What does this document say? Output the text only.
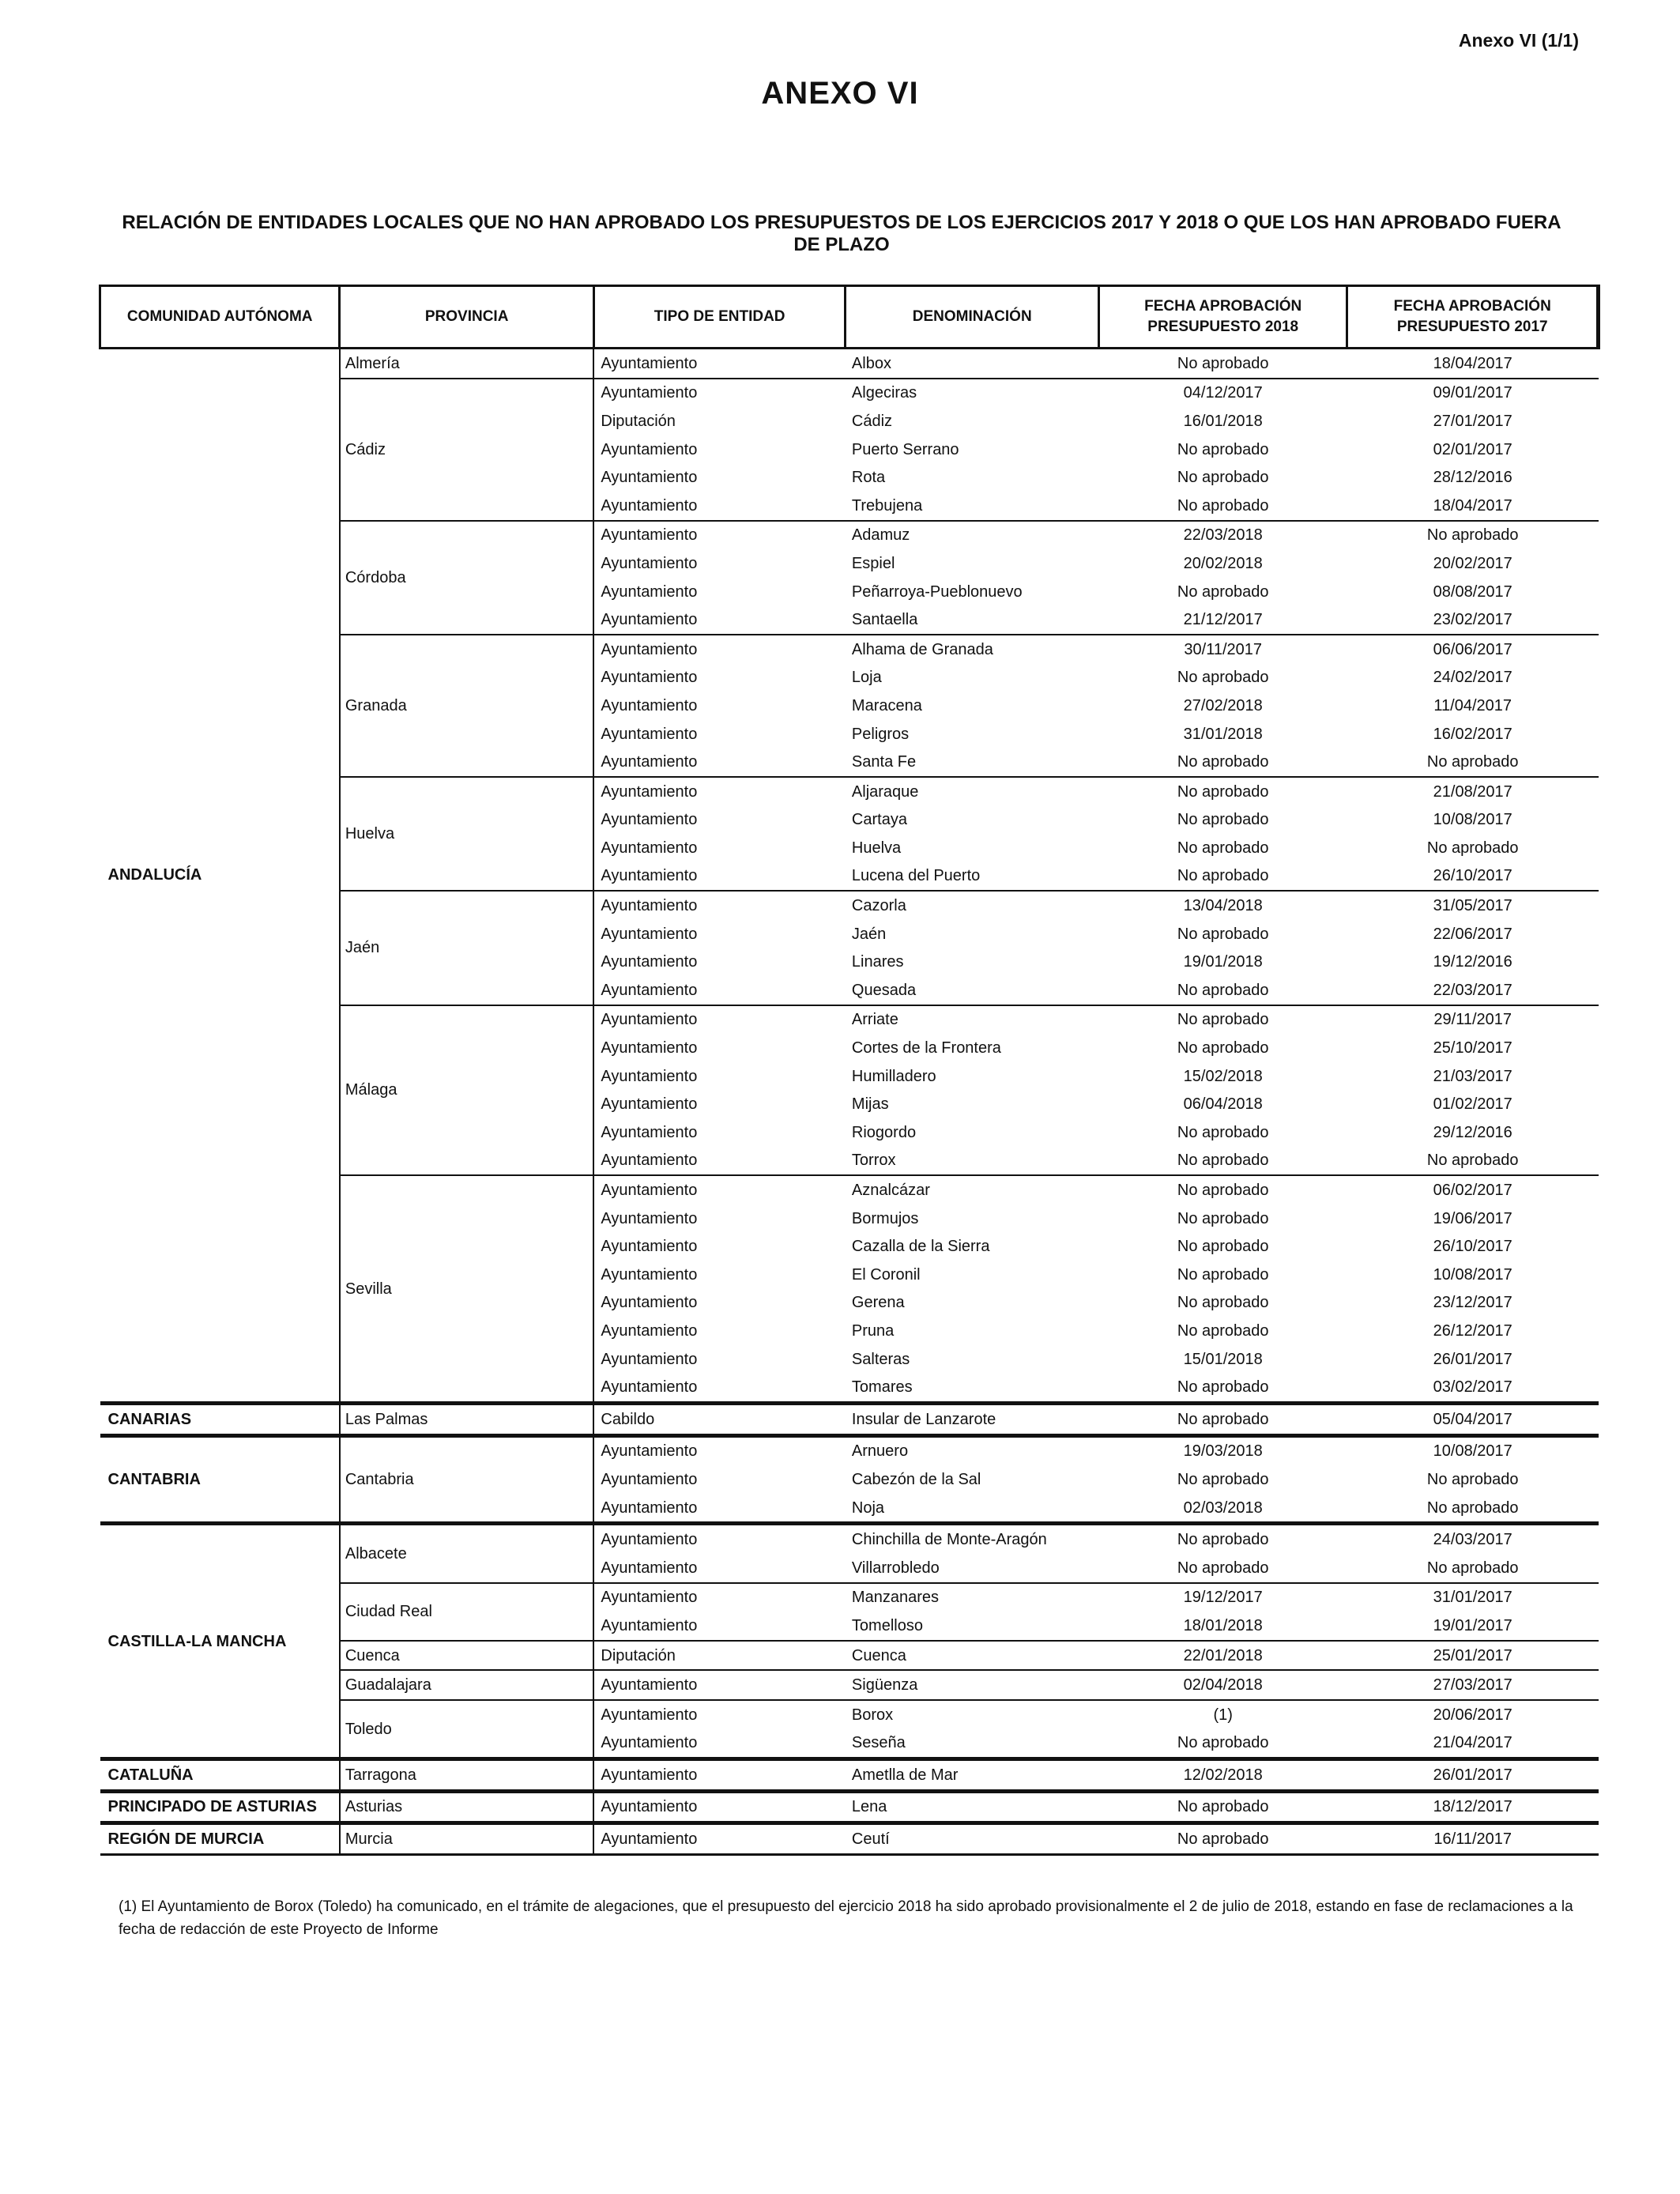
Anexo VI (1/1)
ANEXO VI
RELACIÓN DE ENTIDADES LOCALES QUE NO HAN APROBADO LOS PRESUPUESTOS DE LOS EJERCICIOS 2017 Y 2018 O QUE LOS HAN APROBADO FUERA DE PLAZO
COMUNIDAD AUTÓNOMA	PROVINCIA	TIPO DE ENTIDAD	DENOMINACIÓN	FECHA APROBACIÓN PRESUPUESTO 2018	FECHA APROBACIÓN PRESUPUESTO 2017
ANDALUCÍA	Almería	Ayuntamiento	Albox	No aprobado	18/04/2017
	Cádiz	Ayuntamiento	Algeciras	04/12/2017	09/01/2017
		Diputación	Cádiz	16/01/2018	27/01/2017
		Ayuntamiento	Puerto Serrano	No aprobado	02/01/2017
		Ayuntamiento	Rota	No aprobado	28/12/2016
		Ayuntamiento	Trebujena	No aprobado	18/04/2017
	Córdoba	Ayuntamiento	Adamuz	22/03/2018	No aprobado
		Ayuntamiento	Espiel	20/02/2018	20/02/2017
		Ayuntamiento	Peñarroya-Pueblonuevo	No aprobado	08/08/2017
		Ayuntamiento	Santaella	21/12/2017	23/02/2017
	Granada	Ayuntamiento	Alhama de Granada	30/11/2017	06/06/2017
		Ayuntamiento	Loja	No aprobado	24/02/2017
		Ayuntamiento	Maracena	27/02/2018	11/04/2017
		Ayuntamiento	Peligros	31/01/2018	16/02/2017
		Ayuntamiento	Santa Fe	No aprobado	No aprobado
	Huelva	Ayuntamiento	Aljaraque	No aprobado	21/08/2017
		Ayuntamiento	Cartaya	No aprobado	10/08/2017
		Ayuntamiento	Huelva	No aprobado	No aprobado
		Ayuntamiento	Lucena del Puerto	No aprobado	26/10/2017
	Jaén	Ayuntamiento	Cazorla	13/04/2018	31/05/2017
		Ayuntamiento	Jaén	No aprobado	22/06/2017
		Ayuntamiento	Linares	19/01/2018	19/12/2016
		Ayuntamiento	Quesada	No aprobado	22/03/2017
	Málaga	Ayuntamiento	Arriate	No aprobado	29/11/2017
		Ayuntamiento	Cortes de la Frontera	No aprobado	25/10/2017
		Ayuntamiento	Humilladero	15/02/2018	21/03/2017
		Ayuntamiento	Mijas	06/04/2018	01/02/2017
		Ayuntamiento	Riogordo	No aprobado	29/12/2016
		Ayuntamiento	Torrox	No aprobado	No aprobado
	Sevilla	Ayuntamiento	Aznalcázar	No aprobado	06/02/2017
		Ayuntamiento	Bormujos	No aprobado	19/06/2017
		Ayuntamiento	Cazalla de la Sierra	No aprobado	26/10/2017
		Ayuntamiento	El Coronil	No aprobado	10/08/2017
		Ayuntamiento	Gerena	No aprobado	23/12/2017
		Ayuntamiento	Pruna	No aprobado	26/12/2017
		Ayuntamiento	Salteras	15/01/2018	26/01/2017
		Ayuntamiento	Tomares	No aprobado	03/02/2017
CANARIAS	Las Palmas	Cabildo	Insular de Lanzarote	No aprobado	05/04/2017
CANTABRIA	Cantabria	Ayuntamiento	Arnuero	19/03/2018	10/08/2017
		Ayuntamiento	Cabezón de la Sal	No aprobado	No aprobado
		Ayuntamiento	Noja	02/03/2018	No aprobado
CASTILLA-LA MANCHA	Albacete	Ayuntamiento	Chinchilla de Monte-Aragón	No aprobado	24/03/2017
		Ayuntamiento	Villarrobledo	No aprobado	No aprobado
	Ciudad Real	Ayuntamiento	Manzanares	19/12/2017	31/01/2017
		Ayuntamiento	Tomelloso	18/01/2018	19/01/2017
	Cuenca	Diputación	Cuenca	22/01/2018	25/01/2017
	Guadalajara	Ayuntamiento	Sigüenza	02/04/2018	27/03/2017
	Toledo	Ayuntamiento	Borox	(1)	20/06/2017
		Ayuntamiento	Seseña	No aprobado	21/04/2017
CATALUÑA	Tarragona	Ayuntamiento	Ametlla de Mar	12/02/2018	26/01/2017
PRINCIPADO DE ASTURIAS	Asturias	Ayuntamiento	Lena	No aprobado	18/12/2017
REGIÓN DE MURCIA	Murcia	Ayuntamiento	Ceutí	No aprobado	16/11/2017
(1) El Ayuntamiento de Borox (Toledo) ha comunicado, en el trámite de alegaciones, que el presupuesto del ejercicio 2018 ha sido aprobado provisionalmente el 2 de julio de 2018, estando en fase de reclamaciones a la fecha de redacción de este Proyecto de Informe
